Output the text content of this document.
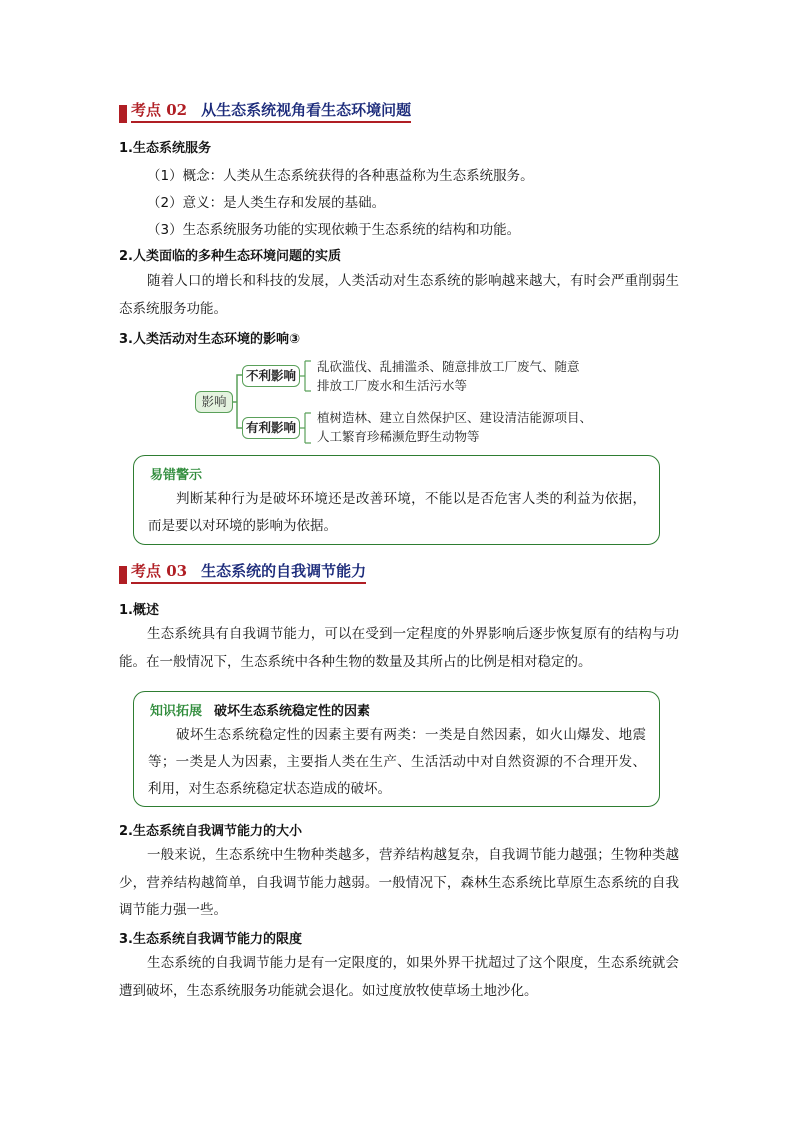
考点 02 从生态系统视角看生态环境问题
1.生态系统服务
（1）概念：人类从生态系统获得的各种惠益称为生态系统服务。
（2）意义：是人类生存和发展的基础。
（3）生态系统服务功能的实现依赖于生态系统的结构和功能。
2.人类面临的多种生态环境问题的实质
随着人口的增长和科技的发展，人类活动对生态系统的影响越来越大，有时会严重削弱生态系统服务功能。
3.人类活动对生态环境的影响③
影响
不利影响
乱砍滥伐、乱捕滥杀、随意排放工厂废气、随意
排放工厂废水和生活污水等
有利影响
植树造林、建立自然保护区、建设清洁能源项目、
人工繁育珍稀濒危野生动物等
易错警示
判断某种行为是破坏环境还是改善环境，不能以是否危害人类的利益为依据，而是要以对环境的影响为依据。
考点 03 生态系统的自我调节能力
1.概述
生态系统具有自我调节能力，可以在受到一定程度的外界影响后逐步恢复原有的结构与功能。在一般情况下，生态系统中各种生物的数量及其所占的比例是相对稳定的。
知识拓展 破坏生态系统稳定性的因素
破坏生态系统稳定性的因素主要有两类：一类是自然因素，如火山爆发、地震等；一类是人为因素，主要指人类在生产、生活活动中对自然资源的不合理开发、利用，对生态系统稳定状态造成的破坏。
2.生态系统自我调节能力的大小
一般来说，生态系统中生物种类越多，营养结构越复杂，自我调节能力越强；生物种类越少，营养结构越简单，自我调节能力越弱。一般情况下，森林生态系统比草原生态系统的自我调节能力强一些。
3.生态系统自我调节能力的限度
生态系统的自我调节能力是有一定限度的，如果外界干扰超过了这个限度，生态系统就会遭到破坏，生态系统服务功能就会退化。如过度放牧使草场土地沙化。
